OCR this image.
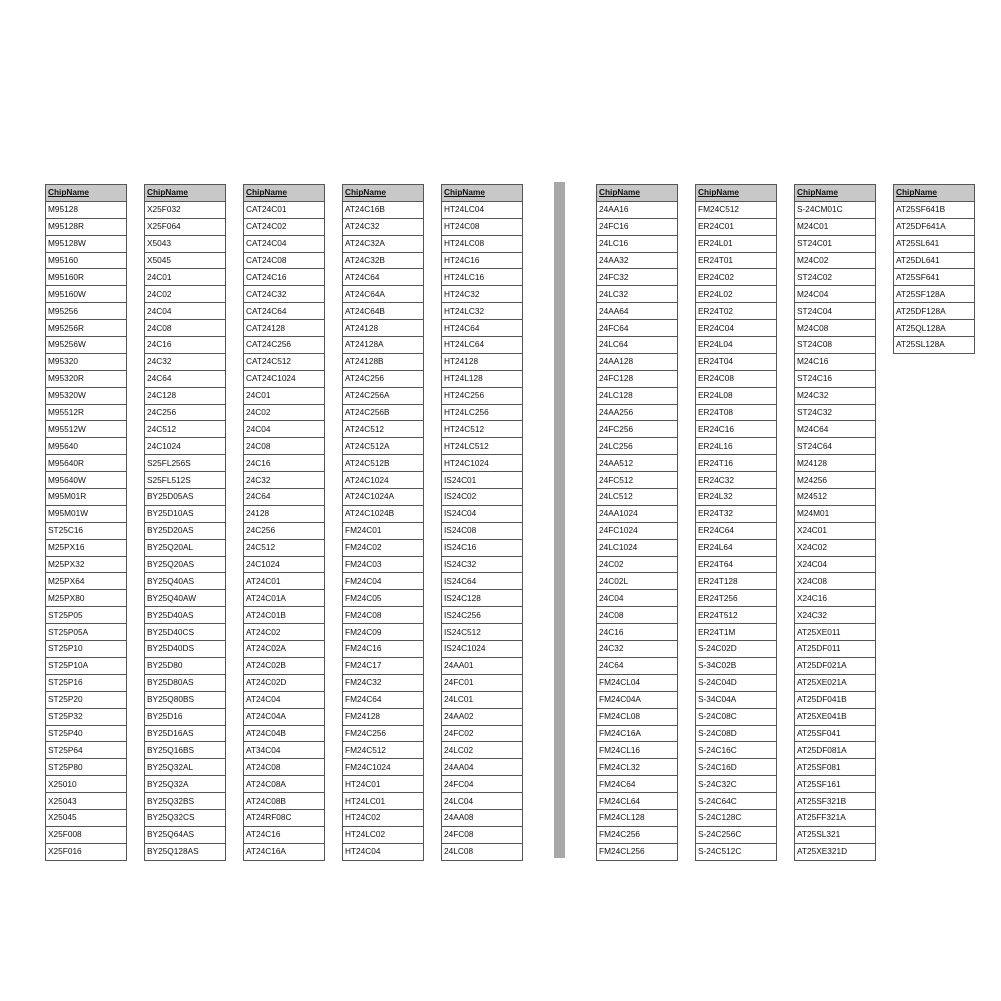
ChipName
M95128
M95128R
M95128W
M95160
M95160R
M95160W
M95256
M95256R
M95256W
M95320
M95320R
M95320W
M95512R
M95512W
M95640
M95640R
M95640W
M95M01R
M95M01W
ST25C16
M25PX16
M25PX32
M25PX64
M25PX80
ST25P05
ST25P05A
ST25P10
ST25P10A
ST25P16
ST25P20
ST25P32
ST25P40
ST25P64
ST25P80
X25010
X25043
X25045
X25F008
X25F016
ChipName
X25F032
X25F064
X5043
X5045
24C01
24C02
24C04
24C08
24C16
24C32
24C64
24C128
24C256
24C512
24C1024
S25FL256S
S25FL512S
BY25D05AS
BY25D10AS
BY25D20AS
BY25Q20AL
BY25Q20AS
BY25Q40AS
BY25Q40AW
BY25D40AS
BY25D40CS
BY25D40DS
BY25D80
BY25D80AS
BY25Q80BS
BY25D16
BY25D16AS
BY25Q16BS
BY25Q32AL
BY25Q32A
BY25Q32BS
BY25Q32CS
BY25Q64AS
BY25Q128AS
ChipName
CAT24C01
CAT24C02
CAT24C04
CAT24C08
CAT24C16
CAT24C32
CAT24C64
CAT24128
CAT24C256
CAT24C512
CAT24C1024
24C01
24C02
24C04
24C08
24C16
24C32
24C64
24128
24C256
24C512
24C1024
AT24C01
AT24C01A
AT24C01B
AT24C02
AT24C02A
AT24C02B
AT24C02D
AT24C04
AT24C04A
AT24C04B
AT34C04
AT24C08
AT24C08A
AT24C08B
AT24RF08C
AT24C16
AT24C16A
ChipName
AT24C16B
AT24C32
AT24C32A
AT24C32B
AT24C64
AT24C64A
AT24C64B
AT24128
AT24128A
AT24128B
AT24C256
AT24C256A
AT24C256B
AT24C512
AT24C512A
AT24C512B
AT24C1024
AT24C1024A
AT24C1024B
FM24C01
FM24C02
FM24C03
FM24C04
FM24C05
FM24C08
FM24C09
FM24C16
FM24C17
FM24C32
FM24C64
FM24128
FM24C256
FM24C512
FM24C1024
HT24C01
HT24LC01
HT24C02
HT24LC02
HT24C04
ChipName
HT24LC04
HT24C08
HT24LC08
HT24C16
HT24LC16
HT24C32
HT24LC32
HT24C64
HT24LC64
HT24128
HT24L128
HT24C256
HT24LC256
HT24C512
HT24LC512
HT24C1024
IS24C01
IS24C02
IS24C04
IS24C08
IS24C16
IS24C32
IS24C64
IS24C128
IS24C256
IS24C512
IS24C1024
24AA01
24FC01
24LC01
24AA02
24FC02
24LC02
24AA04
24FC04
24LC04
24AA08
24FC08
24LC08
ChipName
24AA16
24FC16
24LC16
24AA32
24FC32
24LC32
24AA64
24FC64
24LC64
24AA128
24FC128
24LC128
24AA256
24FC256
24LC256
24AA512
24FC512
24LC512
24AA1024
24FC1024
24LC1024
24C02
24C02L
24C04
24C08
24C16
24C32
24C64
FM24CL04
FM24C04A
FM24CL08
FM24C16A
FM24CL16
FM24CL32
FM24C64
FM24CL64
FM24CL128
FM24C256
FM24CL256
ChipName
FM24C512
ER24C01
ER24L01
ER24T01
ER24C02
ER24L02
ER24T02
ER24C04
ER24L04
ER24T04
ER24C08
ER24L08
ER24T08
ER24C16
ER24L16
ER24T16
ER24C32
ER24L32
ER24T32
ER24C64
ER24L64
ER24T64
ER24T128
ER24T256
ER24T512
ER24T1M
S-24C02D
S-34C02B
S-24C04D
S-34C04A
S-24C08C
S-24C08D
S-24C16C
S-24C16D
S-24C32C
S-24C64C
S-24C128C
S-24C256C
S-24C512C
ChipName
S-24CM01C
M24C01
ST24C01
M24C02
ST24C02
M24C04
ST24C04
M24C08
ST24C08
M24C16
ST24C16
M24C32
ST24C32
M24C64
ST24C64
M24128
M24256
M24512
M24M01
X24C01
X24C02
X24C04
X24C08
X24C16
X24C32
AT25XE011
AT25DF011
AT25DF021A
AT25XE021A
AT25DF041B
AT25XE041B
AT25SF041
AT25DF081A
AT25SF081
AT25SF161
AT25SF321B
AT25FF321A
AT25SL321
AT25XE321D
ChipName
AT25SF641B
AT25DF641A
AT25SL641
AT25DL641
AT25SF641
AT25SF128A
AT25DF128A
AT25QL128A
AT25SL128A
